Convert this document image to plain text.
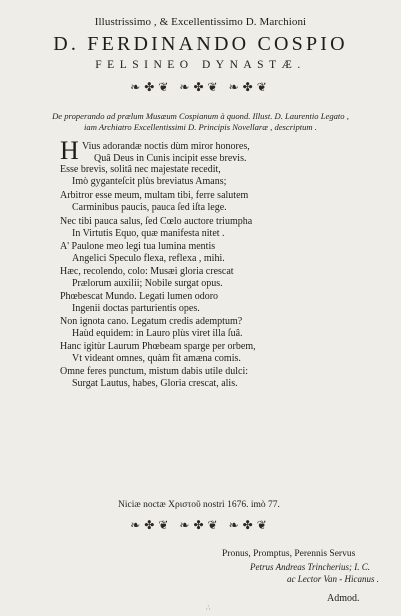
Illustrissimo , & Excellentissimo D. Marchioni
D. FERDINANDO COSPIO
FELSINEO DYNASTÆ.
❧✤❦ ❧✤❦ ❧✤❦
De properando ad prælum Musæum Cospianum à quond. Illust. D. Laurentio Legato ,
iam Archiatro Excellentissimi D. Principis Novellaræ , descriptum .
H Vius adorandæ noctis dùm miror honores,
Quâ Deus in Cunis incipit esse brevis.
Esse brevis, solitâ nec majestate recedit,
Imò gyganteſcit plùs breviatus Amans;
Arbitror esse meum, multam tibi, ferre salutem
Carminibus paucis, pauca ſed iſta lege.
Nec tibi pauca salus, ſed Cœlo auctore triumpha
In Virtutis Equo, quæ manifesta nitet .
A' Paulone meo legi tua lumina mentis
Angelici Speculo flexa, reflexa , mihi.
Hæc, recolendo, colo: Musæi gloria crescat
Prælorum auxilii; Nobile surgat opus.
Phœbescat Mundo. Legati lumen odoro
Ingenii doctas parturientis opes.
Non ignota cano. Legatum credis ademptum?
Haùd equidem: in Lauro plùs viret illa ſuâ.
Hanc igitùr Laurum Phœbeam sparge per orbem,
Vt videant omnes, quàm fit amæna comis.
Omne feres punctum, mistum dabis utile dulci:
Surgat Lautus, habes, Gloria crescat, alis.
Niciæ noctæ Χριστοῦ nostri 1676. imò 77.
❧✤❦ ❧✤❦ ❧✤❦
Pronus, Promptus, Perennis Servus
Petrus Andreas Trincherius; I. C.
ac Lector Van - Hicanus .
∴
Admod.
